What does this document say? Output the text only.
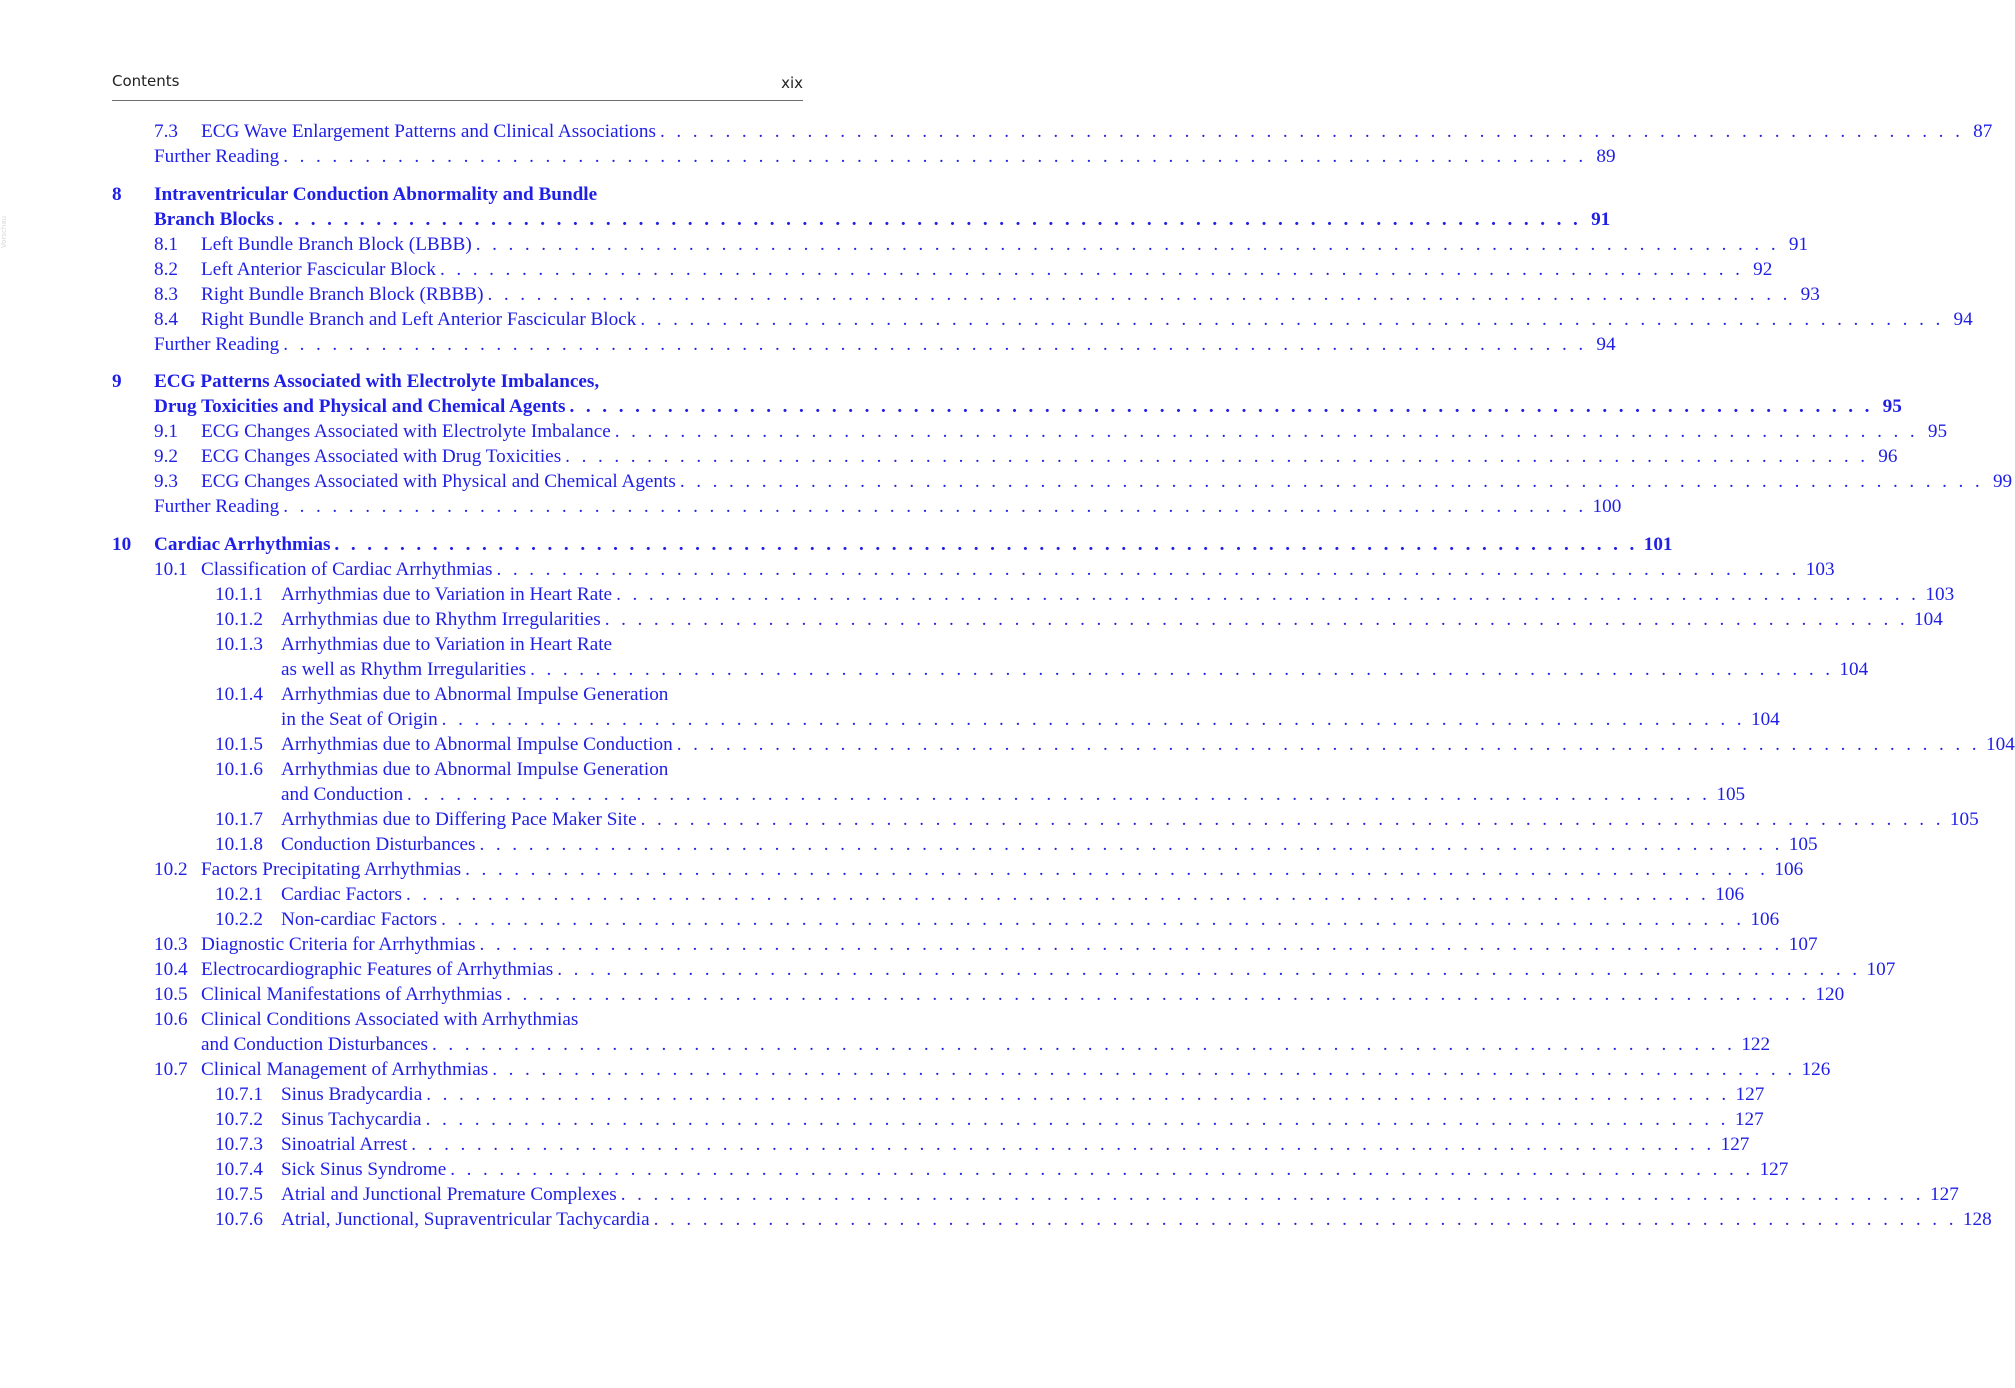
Contents	xix
Vorschau
7.3 ECG Wave Enlargement Patterns and Clinical Associations . . . . . . . . . . . . . . . . . . . . . . . . . . . . . . . . . . . . . . . . . . . . . . . . . . . . . . . . . . . . . . . . . . . . . . . . . . . . . . . . 87
Further Reading . . . . . . . . . . . . . . . . . . . . . . . . . . . . . . . . . . . . . . . . . . . . . . . . . . . . . . . . . . . . . . . . . . . . . . . . . . . . . . . . 89
8 Intraventricular Conduction Abnormality and Bundle
Branch Blocks . . . . . . . . . . . . . . . . . . . . . . . . . . . . . . . . . . . . . . . . . . . . . . . . . . . . . . . . . . . . . . . . . . . . . . . . . . . . . . . . 91
8.1 Left Bundle Branch Block (LBBB) . . . . . . . . . . . . . . . . . . . . . . . . . . . . . . . . . . . . . . . . . . . . . . . . . . . . . . . . . . . . . . . . . . . . . . . . . . . . . . . . 91
8.2 Left Anterior Fascicular Block . . . . . . . . . . . . . . . . . . . . . . . . . . . . . . . . . . . . . . . . . . . . . . . . . . . . . . . . . . . . . . . . . . . . . . . . . . . . . . . . 92
8.3 Right Bundle Branch Block (RBBB) . . . . . . . . . . . . . . . . . . . . . . . . . . . . . . . . . . . . . . . . . . . . . . . . . . . . . . . . . . . . . . . . . . . . . . . . . . . . . . . . 93
8.4 Right Bundle Branch and Left Anterior Fascicular Block . . . . . . . . . . . . . . . . . . . . . . . . . . . . . . . . . . . . . . . . . . . . . . . . . . . . . . . . . . . . . . . . . . . . . . . . . . . . . . . . 94
Further Reading . . . . . . . . . . . . . . . . . . . . . . . . . . . . . . . . . . . . . . . . . . . . . . . . . . . . . . . . . . . . . . . . . . . . . . . . . . . . . . . . 94
9 ECG Patterns Associated with Electrolyte Imbalances,
Drug Toxicities and Physical and Chemical Agents . . . . . . . . . . . . . . . . . . . . . . . . . . . . . . . . . . . . . . . . . . . . . . . . . . . . . . . . . . . . . . . . . . . . . . . . . . . . . . . . 95
9.1 ECG Changes Associated with Electrolyte Imbalance . . . . . . . . . . . . . . . . . . . . . . . . . . . . . . . . . . . . . . . . . . . . . . . . . . . . . . . . . . . . . . . . . . . . . . . . . . . . . . . . 95
9.2 ECG Changes Associated with Drug Toxicities . . . . . . . . . . . . . . . . . . . . . . . . . . . . . . . . . . . . . . . . . . . . . . . . . . . . . . . . . . . . . . . . . . . . . . . . . . . . . . . . 96
9.3 ECG Changes Associated with Physical and Chemical Agents . . . . . . . . . . . . . . . . . . . . . . . . . . . . . . . . . . . . . . . . . . . . . . . . . . . . . . . . . . . . . . . . . . . . . . . . . . . . . . . . 99
Further Reading . . . . . . . . . . . . . . . . . . . . . . . . . . . . . . . . . . . . . . . . . . . . . . . . . . . . . . . . . . . . . . . . . . . . . . . . . . . . . . . . 100
10 Cardiac Arrhythmias . . . . . . . . . . . . . . . . . . . . . . . . . . . . . . . . . . . . . . . . . . . . . . . . . . . . . . . . . . . . . . . . . . . . . . . . . . . . . . . . 101
10.1 Classification of Cardiac Arrhythmias . . . . . . . . . . . . . . . . . . . . . . . . . . . . . . . . . . . . . . . . . . . . . . . . . . . . . . . . . . . . . . . . . . . . . . . . . . . . . . . . 103
10.1.1 Arrhythmias due to Variation in Heart Rate . . . . . . . . . . . . . . . . . . . . . . . . . . . . . . . . . . . . . . . . . . . . . . . . . . . . . . . . . . . . . . . . . . . . . . . . . . . . . . . . 103
10.1.2 Arrhythmias due to Rhythm Irregularities . . . . . . . . . . . . . . . . . . . . . . . . . . . . . . . . . . . . . . . . . . . . . . . . . . . . . . . . . . . . . . . . . . . . . . . . . . . . . . . . 104
10.1.3 Arrhythmias due to Variation in Heart Rate
as well as Rhythm Irregularities . . . . . . . . . . . . . . . . . . . . . . . . . . . . . . . . . . . . . . . . . . . . . . . . . . . . . . . . . . . . . . . . . . . . . . . . . . . . . . . . 104
10.1.4 Arrhythmias due to Abnormal Impulse Generation
in the Seat of Origin . . . . . . . . . . . . . . . . . . . . . . . . . . . . . . . . . . . . . . . . . . . . . . . . . . . . . . . . . . . . . . . . . . . . . . . . . . . . . . . . 104
10.1.5 Arrhythmias due to Abnormal Impulse Conduction . . . . . . . . . . . . . . . . . . . . . . . . . . . . . . . . . . . . . . . . . . . . . . . . . . . . . . . . . . . . . . . . . . . . . . . . . . . . . . . . 104
10.1.6 Arrhythmias due to Abnormal Impulse Generation
and Conduction . . . . . . . . . . . . . . . . . . . . . . . . . . . . . . . . . . . . . . . . . . . . . . . . . . . . . . . . . . . . . . . . . . . . . . . . . . . . . . . . 105
10.1.7 Arrhythmias due to Differing Pace Maker Site . . . . . . . . . . . . . . . . . . . . . . . . . . . . . . . . . . . . . . . . . . . . . . . . . . . . . . . . . . . . . . . . . . . . . . . . . . . . . . . . 105
10.1.8 Conduction Disturbances . . . . . . . . . . . . . . . . . . . . . . . . . . . . . . . . . . . . . . . . . . . . . . . . . . . . . . . . . . . . . . . . . . . . . . . . . . . . . . . . 105
10.2 Factors Precipitating Arrhythmias . . . . . . . . . . . . . . . . . . . . . . . . . . . . . . . . . . . . . . . . . . . . . . . . . . . . . . . . . . . . . . . . . . . . . . . . . . . . . . . . 106
10.2.1 Cardiac Factors . . . . . . . . . . . . . . . . . . . . . . . . . . . . . . . . . . . . . . . . . . . . . . . . . . . . . . . . . . . . . . . . . . . . . . . . . . . . . . . . 106
10.2.2 Non-cardiac Factors . . . . . . . . . . . . . . . . . . . . . . . . . . . . . . . . . . . . . . . . . . . . . . . . . . . . . . . . . . . . . . . . . . . . . . . . . . . . . . . . 106
10.3 Diagnostic Criteria for Arrhythmias . . . . . . . . . . . . . . . . . . . . . . . . . . . . . . . . . . . . . . . . . . . . . . . . . . . . . . . . . . . . . . . . . . . . . . . . . . . . . . . . 107
10.4 Electrocardiographic Features of Arrhythmias . . . . . . . . . . . . . . . . . . . . . . . . . . . . . . . . . . . . . . . . . . . . . . . . . . . . . . . . . . . . . . . . . . . . . . . . . . . . . . . . 107
10.5 Clinical Manifestations of Arrhythmias . . . . . . . . . . . . . . . . . . . . . . . . . . . . . . . . . . . . . . . . . . . . . . . . . . . . . . . . . . . . . . . . . . . . . . . . . . . . . . . . 120
10.6 Clinical Conditions Associated with Arrhythmias
and Conduction Disturbances . . . . . . . . . . . . . . . . . . . . . . . . . . . . . . . . . . . . . . . . . . . . . . . . . . . . . . . . . . . . . . . . . . . . . . . . . . . . . . . . 122
10.7 Clinical Management of Arrhythmias . . . . . . . . . . . . . . . . . . . . . . . . . . . . . . . . . . . . . . . . . . . . . . . . . . . . . . . . . . . . . . . . . . . . . . . . . . . . . . . . 126
10.7.1 Sinus Bradycardia . . . . . . . . . . . . . . . . . . . . . . . . . . . . . . . . . . . . . . . . . . . . . . . . . . . . . . . . . . . . . . . . . . . . . . . . . . . . . . . . 127
10.7.2 Sinus Tachycardia . . . . . . . . . . . . . . . . . . . . . . . . . . . . . . . . . . . . . . . . . . . . . . . . . . . . . . . . . . . . . . . . . . . . . . . . . . . . . . . . 127
10.7.3 Sinoatrial Arrest . . . . . . . . . . . . . . . . . . . . . . . . . . . . . . . . . . . . . . . . . . . . . . . . . . . . . . . . . . . . . . . . . . . . . . . . . . . . . . . . 127
10.7.4 Sick Sinus Syndrome . . . . . . . . . . . . . . . . . . . . . . . . . . . . . . . . . . . . . . . . . . . . . . . . . . . . . . . . . . . . . . . . . . . . . . . . . . . . . . . . 127
10.7.5 Atrial and Junctional Premature Complexes . . . . . . . . . . . . . . . . . . . . . . . . . . . . . . . . . . . . . . . . . . . . . . . . . . . . . . . . . . . . . . . . . . . . . . . . . . . . . . . . 127
10.7.6 Atrial, Junctional, Supraventricular Tachycardia . . . . . . . . . . . . . . . . . . . . . . . . . . . . . . . . . . . . . . . . . . . . . . . . . . . . . . . . . . . . . . . . . . . . . . . . . . . . . . . . 128
